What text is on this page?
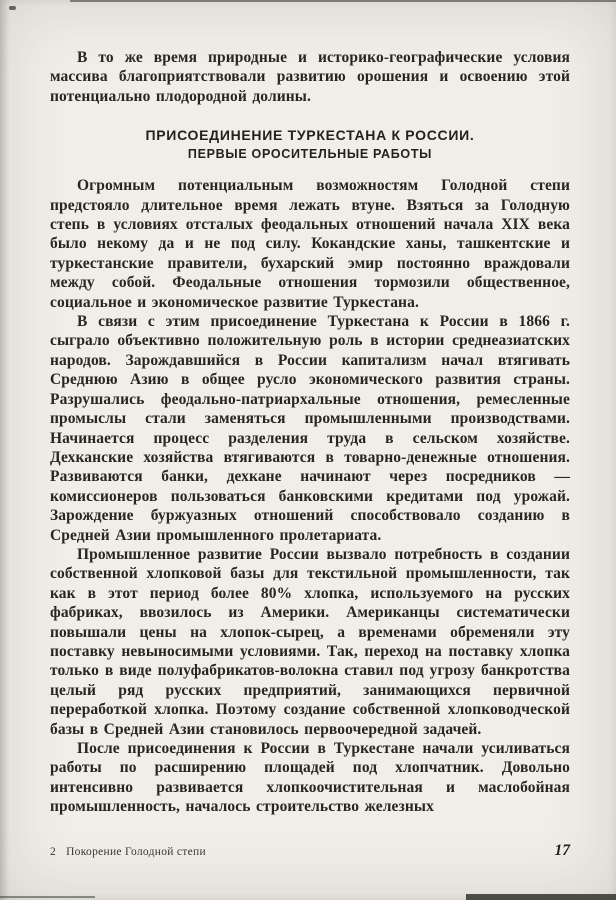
В то же время природные и историко-географические условия массива благоприятствовали развитию орошения и освоению этой потенциально плодородной долины.

ПРИСОЕДИНЕНИЕ ТУРКЕСТАНА К РОССИИ.
ПЕРВЫЕ ОРОСИТЕЛЬНЫЕ РАБОТЫ

Огромным потенциальным возможностям Голодной степи предстояло длительное время лежать втуне. Взяться за Голодную степь в условиях отсталых феодальных отношений начала XIX века было некому да и не под силу. Кокандские ханы, ташкентские и туркестанские правители, бухарский эмир постоянно враждовали между собой. Феодальные отношения тормозили общественное, социальное и экономическое развитие Туркестана.

В связи с этим присоединение Туркестана к России в 1866 г. сыграло объективно положительную роль в истории среднеазиатских народов. Зарождавшийся в России капитализм начал втягивать Среднюю Азию в общее русло экономического развития страны. Разрушались феодально-патриархальные отношения, ремесленные промыслы стали заменяться промышленными производствами. Начинается процесс разделения труда в сельском хозяйстве. Дехканские хозяйства втягиваются в товарно-денежные отношения. Развиваются банки, дехкане начинают через посредников — комиссионеров пользоваться банковскими кредитами под урожай. Зарождение буржуазных отношений способствовало созданию в Средней Азии промышленного пролетариата.

Промышленное развитие России вызвало потребность в создании собственной хлопковой базы для текстильной промышленности, так как в этот период более 80% хлопка, используемого на русских фабриках, ввозилось из Америки. Американцы систематически повышали цены на хлопок-сырец, а временами обременяли эту поставку невыносимыми условиями. Так, переход на поставку хлопка только в виде полуфабрикатов-волокна ставил под угрозу банкротства целый ряд русских предприятий, занимающихся первичной переработкой хлопка. Поэтому создание собственной хлопководческой базы в Средней Азии становилось первоочередной задачей.

После присоединения к России в Туркестане начали усиливаться работы по расширению площадей под хлопчатник. Довольно интенсивно развивается хлопкоочистительная и маслобойная промышленность, началось строительство железных

2 Покорение Голодной степи	17
